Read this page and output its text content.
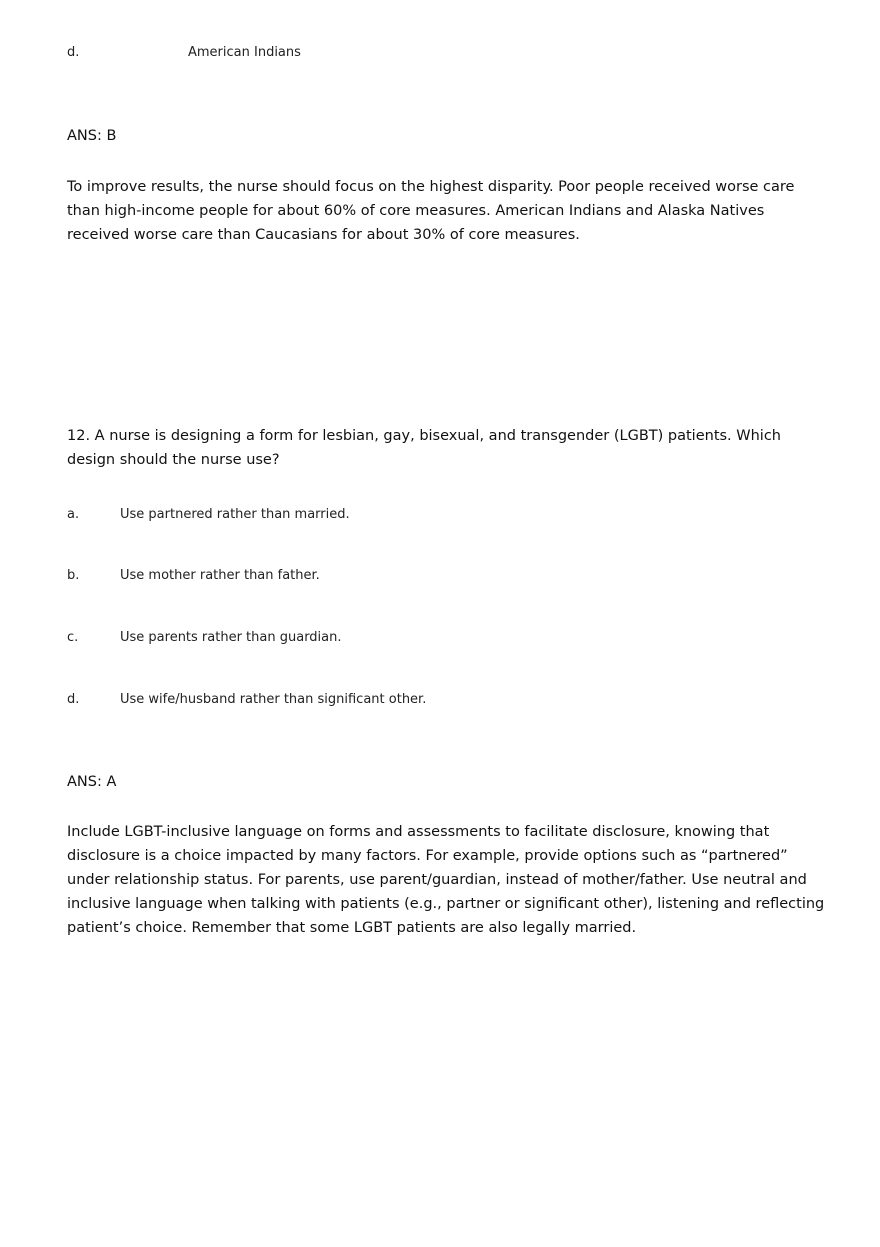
d.	American Indians
ANS: B
To improve results, the nurse should focus on the highest disparity. Poor people received worse care than high-income people for about 60% of core measures. American Indians and Alaska Natives received worse care than Caucasians for about 30% of core measures.
12. A nurse is designing a form for lesbian, gay, bisexual, and transgender (LGBT) patients. Which design should the nurse use?
a.	Use partnered rather than married.
b.	Use mother rather than father.
c.	Use parents rather than guardian.
d.	Use wife/husband rather than significant other.
ANS: A
Include LGBT-inclusive language on forms and assessments to facilitate disclosure, knowing that disclosure is a choice impacted by many factors. For example, provide options such as “partnered” under relationship status. For parents, use parent/guardian, instead of mother/father. Use neutral and inclusive language when talking with patients (e.g., partner or significant other), listening and reflecting patient’s choice. Remember that some LGBT patients are also legally married.
